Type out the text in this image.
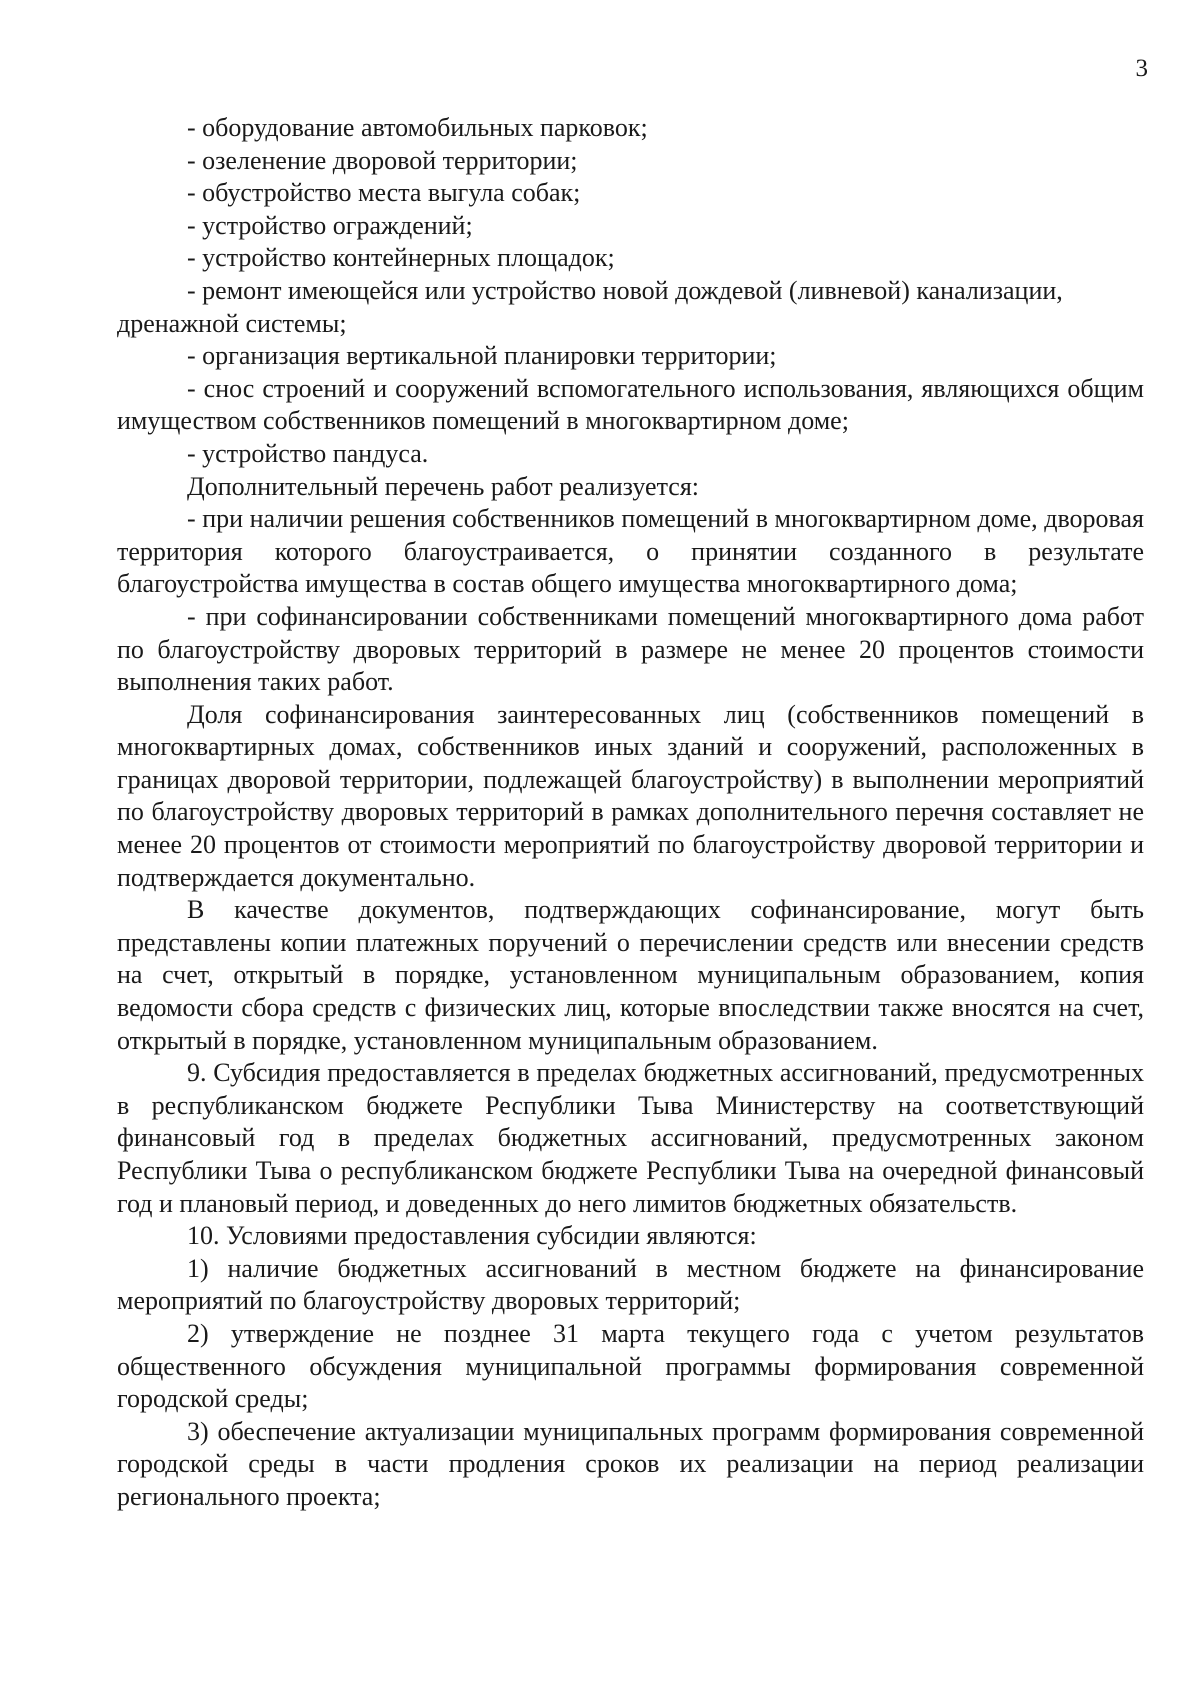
3

- оборудование автомобильных парковок;

- озеленение дворовой территории;

- обустройство места выгула собак;

- устройство ограждений;

- устройство контейнерных площадок;

- ремонт имеющейся или устройство новой дождевой (ливневой) канализации, дренажной системы;

- организация вертикальной планировки территории;

- снос строений и сооружений вспомогательного использования, являющихся общим имуществом собственников помещений в многоквартирном доме;

- устройство пандуса.

Дополнительный перечень работ реализуется:

- при наличии решения собственников помещений в многоквартирном доме, дворовая территория которого благоустраивается, о принятии созданного в результате благоустройства имущества в состав общего имущества многоквартирного дома;

- при софинансировании собственниками помещений многоквартирного дома работ по благоустройству дворовых территорий в размере не менее 20 процентов стоимости выполнения таких работ.

Доля софинансирования заинтересованных лиц (собственников помещений в многоквартирных домах, собственников иных зданий и сооружений, расположенных в границах дворовой территории, подлежащей благоустройству) в выполнении мероприятий по благоустройству дворовых территорий в рамках дополнительного перечня составляет не менее 20 процентов от стоимости мероприятий по благоустройству дворовой территории и подтверждается документально.

В качестве документов, подтверждающих софинансирование, могут быть представлены копии платежных поручений о перечислении средств или внесении средств на счет, открытый в порядке, установленном муниципальным образованием, копия ведомости сбора средств с физических лиц, которые впоследствии также вносятся на счет, открытый в порядке, установленном муниципальным образованием.

9. Субсидия предоставляется в пределах бюджетных ассигнований, предусмотренных в республиканском бюджете Республики Тыва Министерству на соответствующий финансовый год в пределах бюджетных ассигнований, предусмотренных законом Республики Тыва о республиканском бюджете Республики Тыва на очередной финансовый год и плановый период, и доведенных до него лимитов бюджетных обязательств.

10. Условиями предоставления субсидии являются:

1) наличие бюджетных ассигнований в местном бюджете на финансирование мероприятий по благоустройству дворовых территорий;

2) утверждение не позднее 31 марта текущего года с учетом результатов общественного обсуждения муниципальной программы формирования современной городской среды;

3) обеспечение актуализации муниципальных программ формирования современной городской среды в части продления сроков их реализации на период реализации регионального проекта;
